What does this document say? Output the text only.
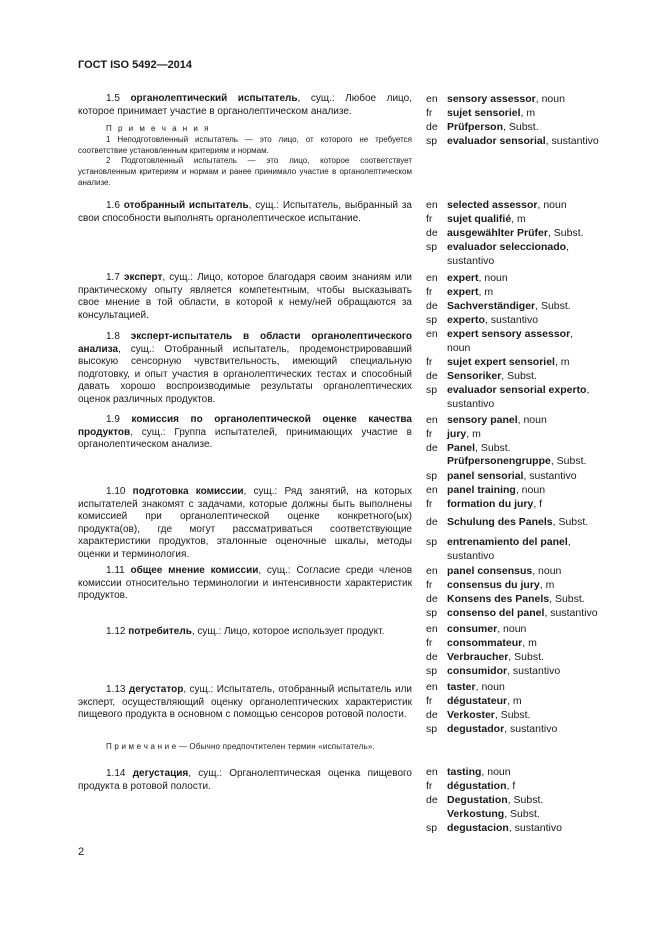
ГОСТ ISO 5492—2014
1.5 органолептический испытатель, сущ.: Любое лицо, которое принимает участие в органолептическом анализе.
П р и м е ч а н и я
1 Неподготовленный испытатель — это лицо, от которого не требуется соответствие установленным критериям и нормам.
2 Подготовленный испытатель — это лицо, которое соответствует установленным критериям и нормам и ранее принимало участие в органолептическом анализе.
1.6 отобранный испытатель, сущ.: Испытатель, выбранный за свои способности выполнять органолептическое испытание.
1.7 эксперт, сущ.: Лицо, которое благодаря своим знаниям или практическому опыту является компетентным, чтобы высказывать свое мнение в той области, в которой к нему/ней обращаются за консультацией.
1.8 эксперт-испытатель в области органолептического анализа, сущ.: Отобранный испытатель, продемонстрировавший высокую сенсорную чувствительность, имеющий специальную подготовку, и опыт участия в органолептических тестах и способный давать хорошо воспроизводимые результаты органолептических оценок различных продуктов.
1.9 комиссия по органолептической оценке качества продуктов, сущ.: Группа испытателей, принимающих участие в органолептическом анализе.
1.10 подготовка комиссии, сущ.: Ряд занятий, на которых испытателей знакомят с задачами, которые должны быть выполнены комиссией при органолептической оценке конкретного(ых) продукта(ов), где могут рассматриваться соответствующие характеристики продуктов, эталонные оценочные шкалы, методы оценки и терминология.
1.11 общее мнение комиссии, сущ.: Согласие среди членов комиссии относительно терминологии и интенсивности характеристик продуктов.
1.12 потребитель, сущ.: Лицо, которое использует продукт.
1.13 дегустатор, сущ.: Испытатель, отобранный испытатель или эксперт, осуществляющий оценку органолептических характеристик пищевого продукта в основном с помощью сенсоров ротовой полости.
П р и м е ч а н и е — Обычно предпочтителен термин «испытатель».
1.14 дегустация, сущ.: Органолептическая оценка пищевого продукта в ротовой полости.
en sensory assessor, noun
fr sujet sensoriel, m
de Prüfperson, Subst.
sp evaluador sensorial, sustantivo
en selected assessor, noun
fr sujet qualifié, m
de ausgewählter Prüfer, Subst.
sp evaluador seleccionado,
sustantivo
en expert, noun
fr expert, m
de Sachverständiger, Subst.
sp experto, sustantivo
en expert sensory assessor,
noun
fr sujet expert sensoriel, m
de Sensoriker, Subst.
sp evaluador sensorial experto,
sustantivo
en sensory panel, noun
fr jury, m
de Panel, Subst.
Prüfpersonengruppe, Subst.
sp panel sensorial, sustantivo
en panel training, noun
fr formation du jury, f
de Schulung des Panels, Subst.
sp entrenamiento del panel,
sustantivo
en panel consensus, noun
fr consensus du jury, m
de Konsens des Panels, Subst.
sp consenso del panel, sustantivo
en consumer, noun
fr consommateur, m
de Verbraucher, Subst.
sp consumidor, sustantivo
en taster, noun
fr dégustateur, m
de Verkoster, Subst.
sp degustador, sustantivo
en tasting, noun
fr dégustation, f
de Degustation, Subst.
Verkostung, Subst.
sp degustacion, sustantivo
2
